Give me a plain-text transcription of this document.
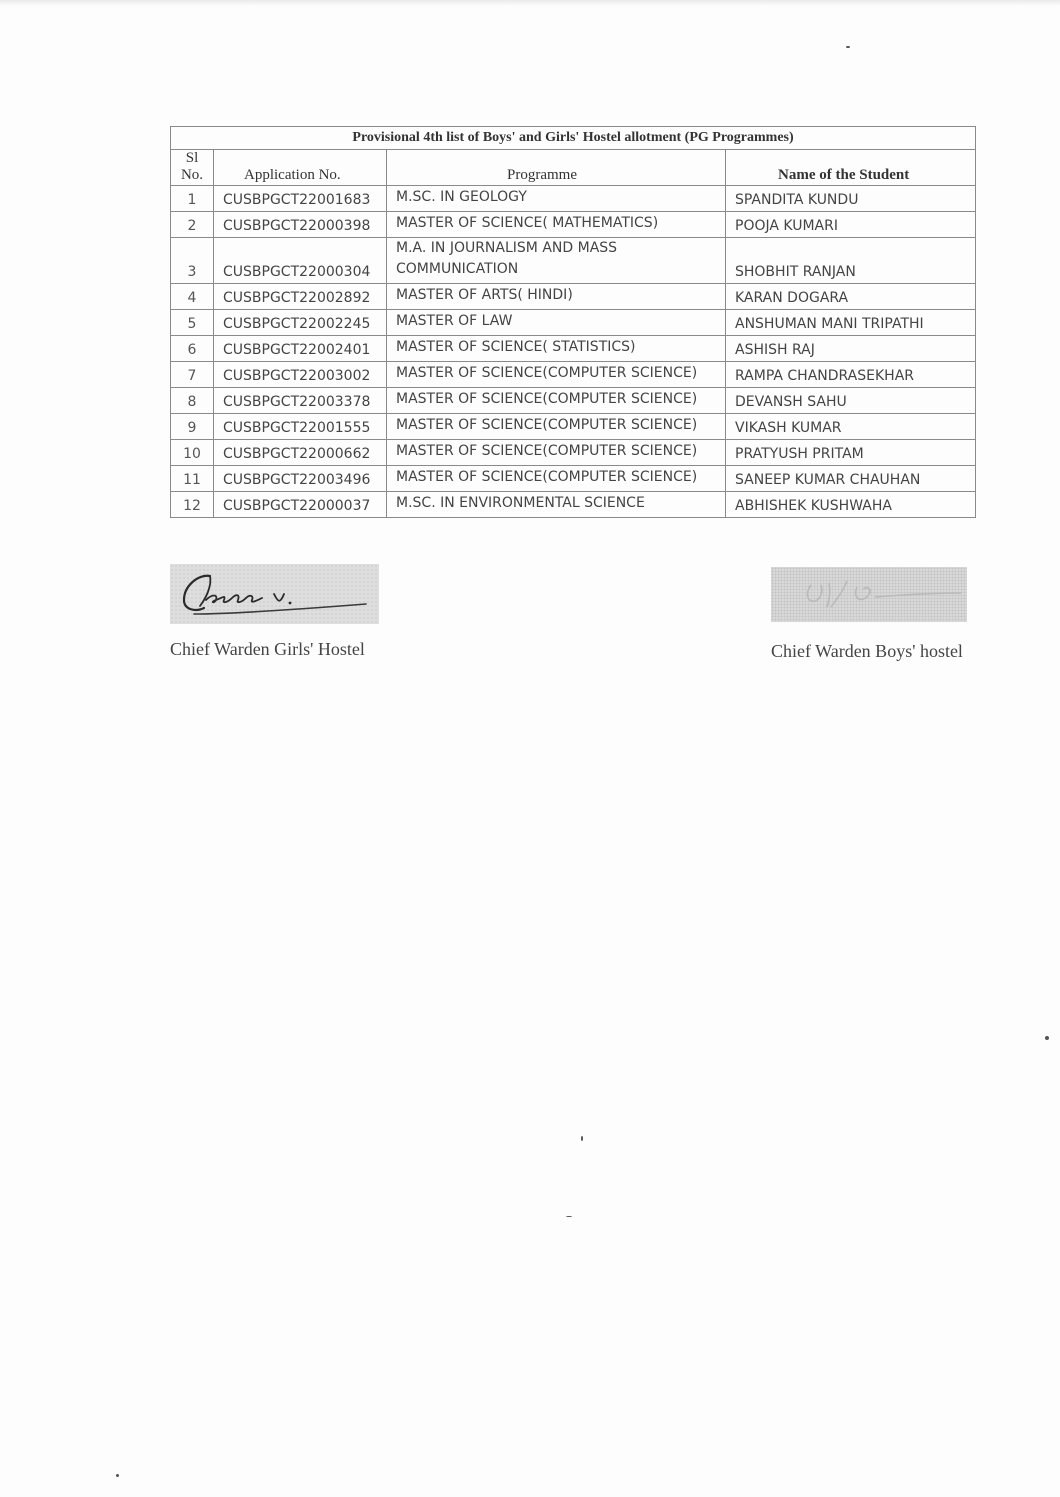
Provisional 4th list of Boys' and Girls' Hostel allotment (PG Programmes)			
Sl
No.	Application No.	Programme	Name of the Student
1	CUSBPGCT22001683	M.SC. IN GEOLOGY	SPANDITA KUNDU
2	CUSBPGCT22000398	MASTER OF SCIENCE( MATHEMATICS)	POOJA KUMARI
3	CUSBPGCT22000304	M.A. IN JOURNALISM AND MASS COMMUNICATION	SHOBHIT RANJAN
4	CUSBPGCT22002892	MASTER OF ARTS( HINDI)	KARAN DOGARA
5	CUSBPGCT22002245	MASTER OF LAW	ANSHUMAN MANI TRIPATHI
6	CUSBPGCT22002401	MASTER OF SCIENCE( STATISTICS)	ASHISH RAJ
7	CUSBPGCT22003002	MASTER OF SCIENCE(COMPUTER SCIENCE)	RAMPA CHANDRASEKHAR
8	CUSBPGCT22003378	MASTER OF SCIENCE(COMPUTER SCIENCE)	DEVANSH SAHU
9	CUSBPGCT22001555	MASTER OF SCIENCE(COMPUTER SCIENCE)	VIKASH KUMAR
10	CUSBPGCT22000662	MASTER OF SCIENCE(COMPUTER SCIENCE)	PRATYUSH PRITAM
11	CUSBPGCT22003496	MASTER OF SCIENCE(COMPUTER SCIENCE)	SANEEP KUMAR CHAUHAN
12	CUSBPGCT22000037	M.SC. IN ENVIRONMENTAL SCIENCE	ABHISHEK KUSHWAHA
Chief Warden Girls' Hostel	Chief Warden Boys' hostel
